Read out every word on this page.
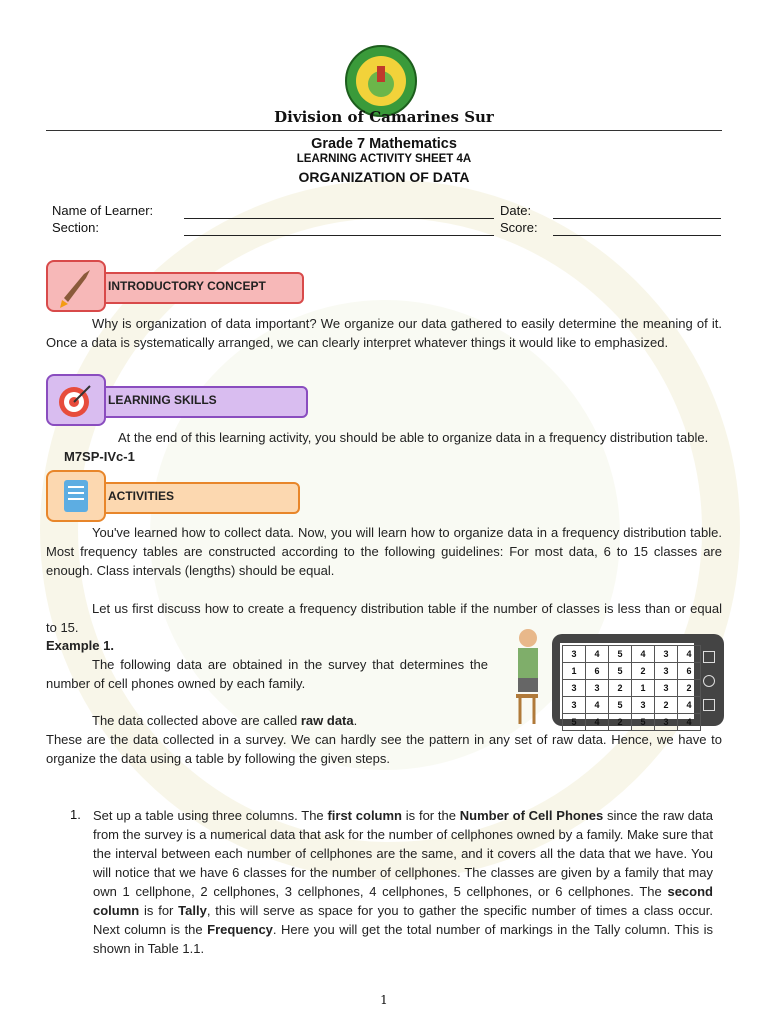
Division of Camarines Sur
Grade 7 Mathematics
LEARNING ACTIVITY SHEET 4A
ORGANIZATION OF DATA
Name of Learner:	Date:
Section:	Score:
INTRODUCTORY CONCEPT
Why is organization of data important? We organize our data gathered to easily determine the meaning of it. Once a data is systematically arranged, we can clearly interpret whatever things it would like to emphasized.
LEARNING SKILLS
At the end of this learning activity, you should be able to organize data in a frequency distribution table. M7SP-IVc-1
ACTIVITIES
You've learned how to collect data. Now, you will learn how to organize data in a frequency distribution table. Most frequency tables are constructed according to the following guidelines: For most data, 6 to 15 classes are enough. Class intervals (lengths) should be equal.
Let us first discuss how to create a frequency distribution table if the number of classes is less than or equal to 15.
Example 1.
The following data are obtained in the survey that determines the number of cell phones owned by each family.
3	4	5	4	3	4
1	6	5	2	3	6
3	3	2	1	3	2
3	4	5	3	2	4
5	4	2	5	3	4
The data collected above are called raw data.
These are the data collected in a survey. We can hardly see the pattern in any set of raw data. Hence, we have to organize the data using a table by following the given steps.
1. Set up a table using three columns. The first column is for the Number of Cell Phones since the raw data from the survey is a numerical data that ask for the number of cellphones owned by a family. Make sure that the interval between each number of cellphones are the same, and it covers all the data that we have. You will notice that we have 6 classes for the number of cellphones. The classes are given by a family that may own 1 cellphone, 2 cellphones, 3 cellphones, 4 cellphones, 5 cellphones, or 6 cellphones. The second column is for Tally, this will serve as space for you to gather the specific number of times a class occur. Next column is the Frequency. Here you will get the total number of markings in the Tally column. This is shown in Table 1.1.
1
